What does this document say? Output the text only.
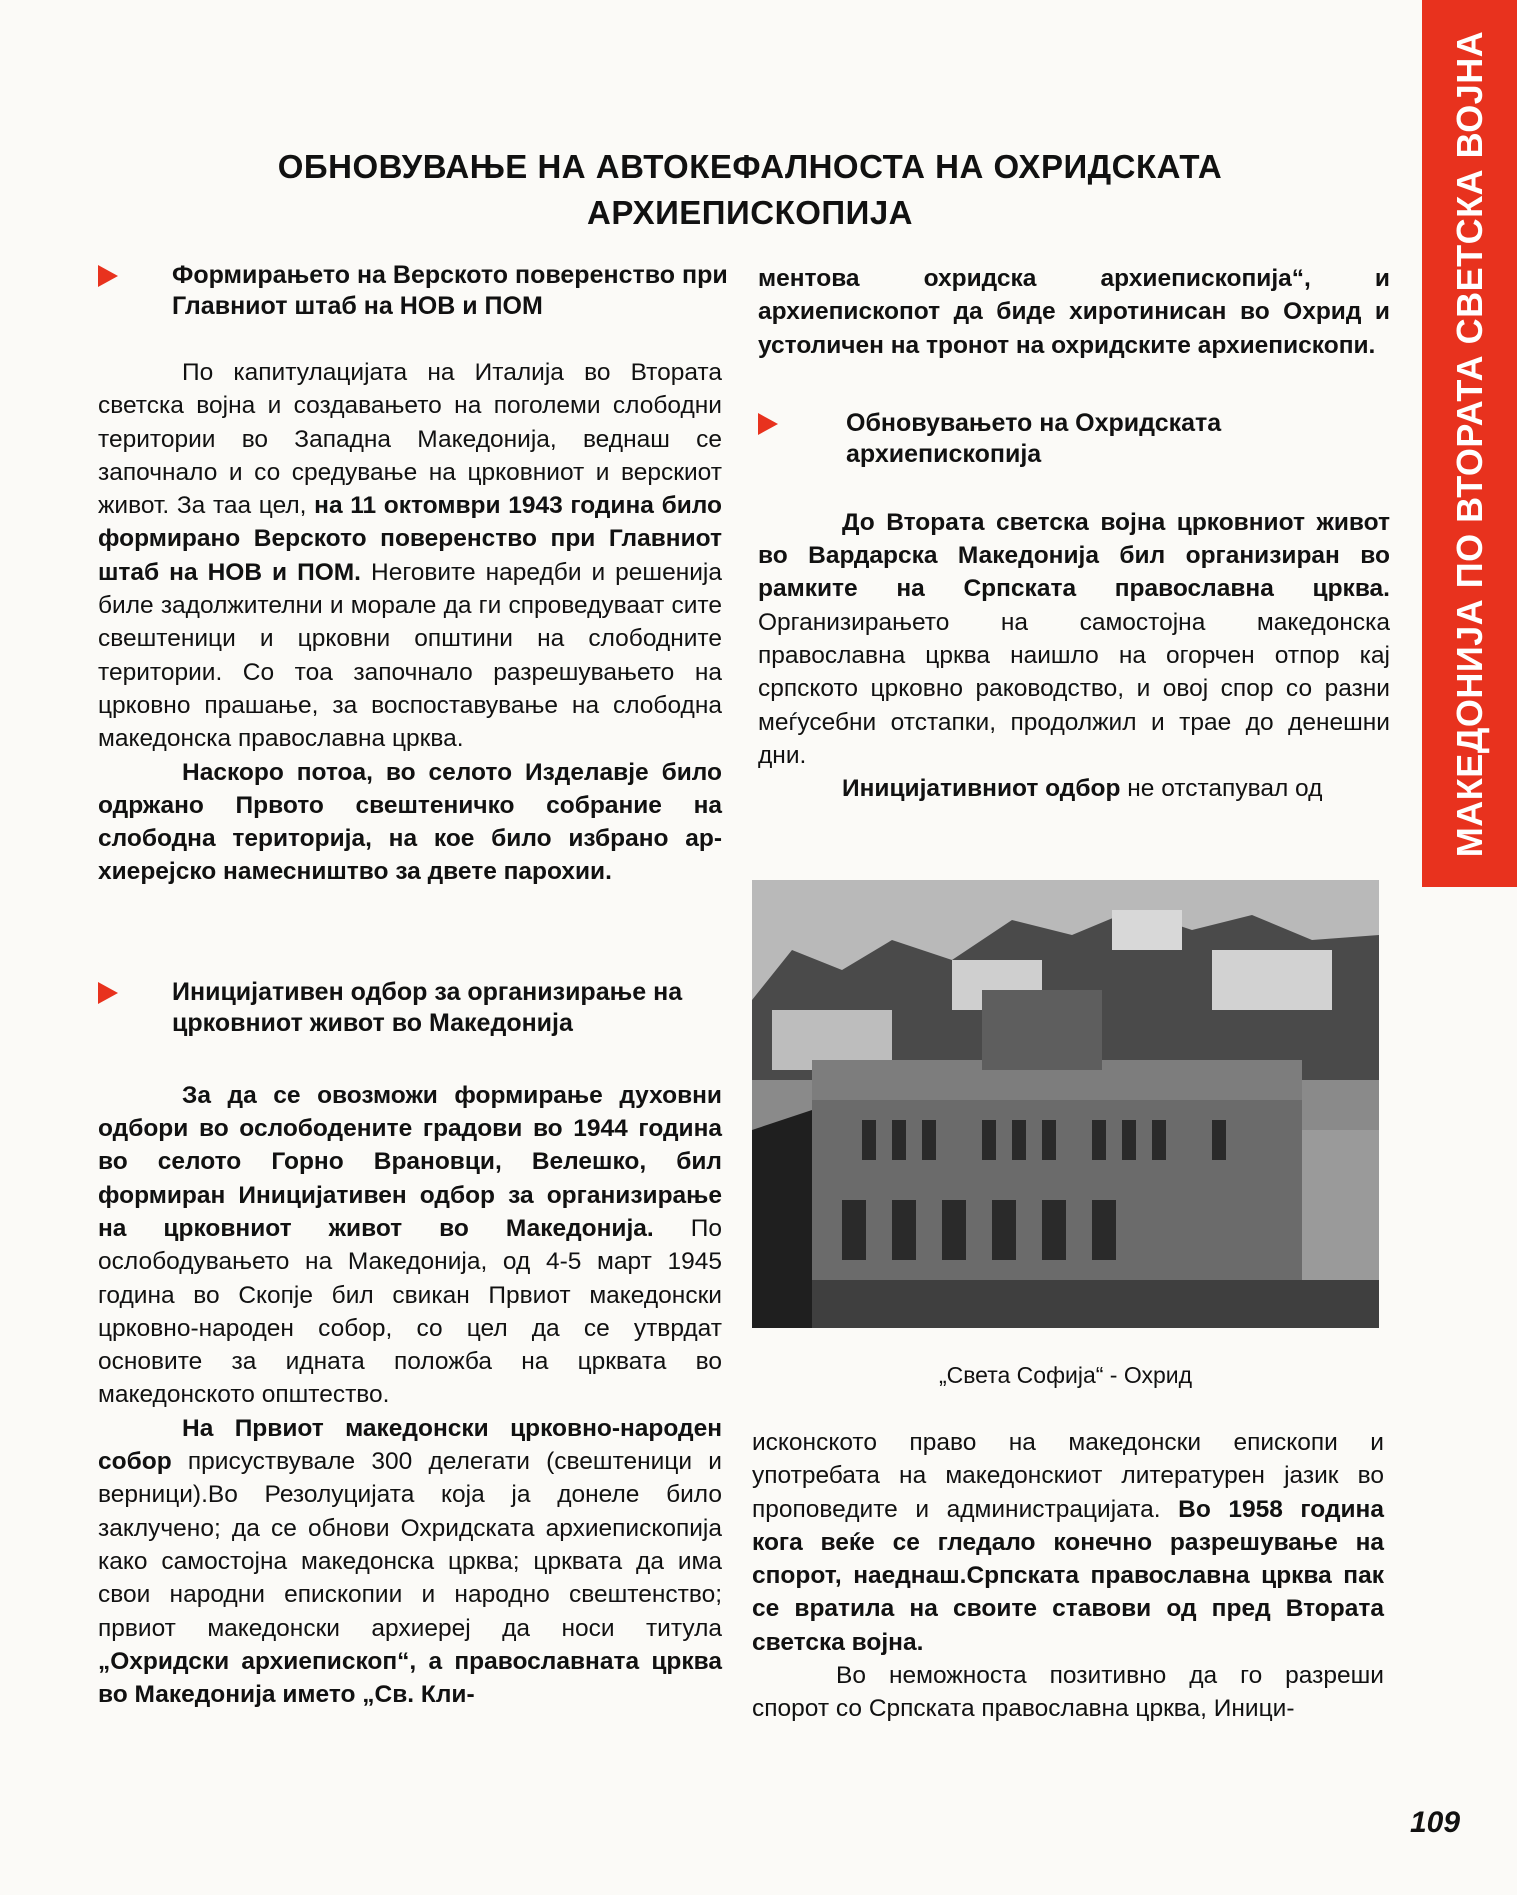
МАКЕДОНИЈА ПО ВТОРАТА СВЕТСКА ВОЈНА
ОБНОВУВАЊЕ НА АВТОКЕФАЛНОСТА НА ОХРИДСКАТА
АРХИЕПИСКОПИЈА
Формирањето на Верското поверенство при Главниот штаб на НОВ и ПОМ

По капитулацијата на Италија во Втората светска војна и создавањето на поголеми слободни територии во Западна Македонија, веднаш се започнало и со средување на црковниот и верскиот живот. За таа цел, на 11 октомври 1943 година било формирано Верското поверенство при Главниот штаб на НОВ и ПОМ. Неговите наредби и решенија биле задолжителни и морале да ги спроведуваат сите свештеници и црковни општини на слободните територии. Со тоа започнало разрешувањето на црковно прашање, за воспоставување на слободна македонска православна црква.

Наскоро потоа, во селото Изделавје било одржано Првото свештеничко собрание на слободна територија, на кое било избрано ар-хиерејско намесништво за двете парохии.

Иницијативен одбор за организирање на црковниот живот во Македонија

За да се овозможи формирање духовни одбори во ослободените градови во 1944 година во селото Горно Врановци, Велешко, бил формиран Иницијативен одбор за организирање на црковниот живот во Македонија. По ослободувањето на Македонија, од 4-5 март 1945 година во Скопје бил свикан Првиот македонски црковно-народен собор, со цел да се утврдат основите за идната положба на црквата во македонското општество.

На Првиот македонски црковно-народен собор присуствувале 300 делегати (свештеници и верници).Во Резолуцијата која ја донеле било заклучено; да се обнови Охридската архиепископија како самостојна македонска црква; црквата да има свои народни епископии и народно свештенство; првиот македонски архиереј да носи титула „Охридски архиепископ“, а православната црква во Македонија името „Св. Кли-

ментова охридска архиепископија“, и архиепископот да биде хиротинисан во Охрид и устоличен на тронот на охридските архиепископи.

Обновувањето на Охридската архиепископија

До Втората светска војна црковниот живот во Вардарска Македонија бил организиран во рамките на Српската православна црква. Организирањето на самостојна македонска православна црква наишло на огорчен отпор кај српското црковно раководство, и овој спор со разни меѓусебни отстапки, продолжил и трае до денешни дни.

Иницијативниот одбор не отстапувал од

„Света Софија“ - Охрид

исконското право на македонски епископи и употребата на македонскиот литературен јазик во проповедите и администрацијата. Во 1958 година кога веќе се гледало конечно разрешување на спорот, наеднаш.Српската православна црква пак се вратила на своите ставови од пред Втората светска војна.

Во неможноста позитивно да го разреши спорот со Српската православна црква, Иници-

109
